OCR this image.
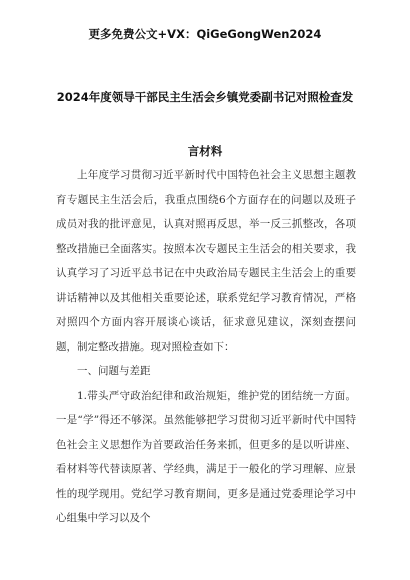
更多免费公文+VX：QiGeGongWen2024
2024年度领导干部民主生活会乡镇党委副书记对照检查发
言材料

上年度学习贯彻习近平新时代中国特色社会主义思想主题教育专题民主生活会后，我重点围绕6个方面存在的问题以及班子成员对我的批评意见，认真对照再反思，举一反三抓整改，各项整改措施已全面落实。按照本次专题民主生活会的相关要求，我认真学习了习近平总书记在中央政治局专题民主生活会上的重要讲话精神以及其他相关重要论述，联系党纪学习教育情况，严格对照四个方面内容开展谈心谈话，征求意见建议，深刻查摆问题，制定整改措施。现对照检查如下：

一、问题与差距

1.带头严守政治纪律和政治规矩，维护党的团结统一方面。一是“学”得还不够深。虽然能够把学习贯彻习近平新时代中国特色社会主义思想作为首要政治任务来抓，但更多的是以听讲座、看材料等代替读原著、学经典，满足于一般化的学习理解、应景性的现学现用。党纪学习教育期间，更多是通过党委理论学习中心组集中学习以及个
